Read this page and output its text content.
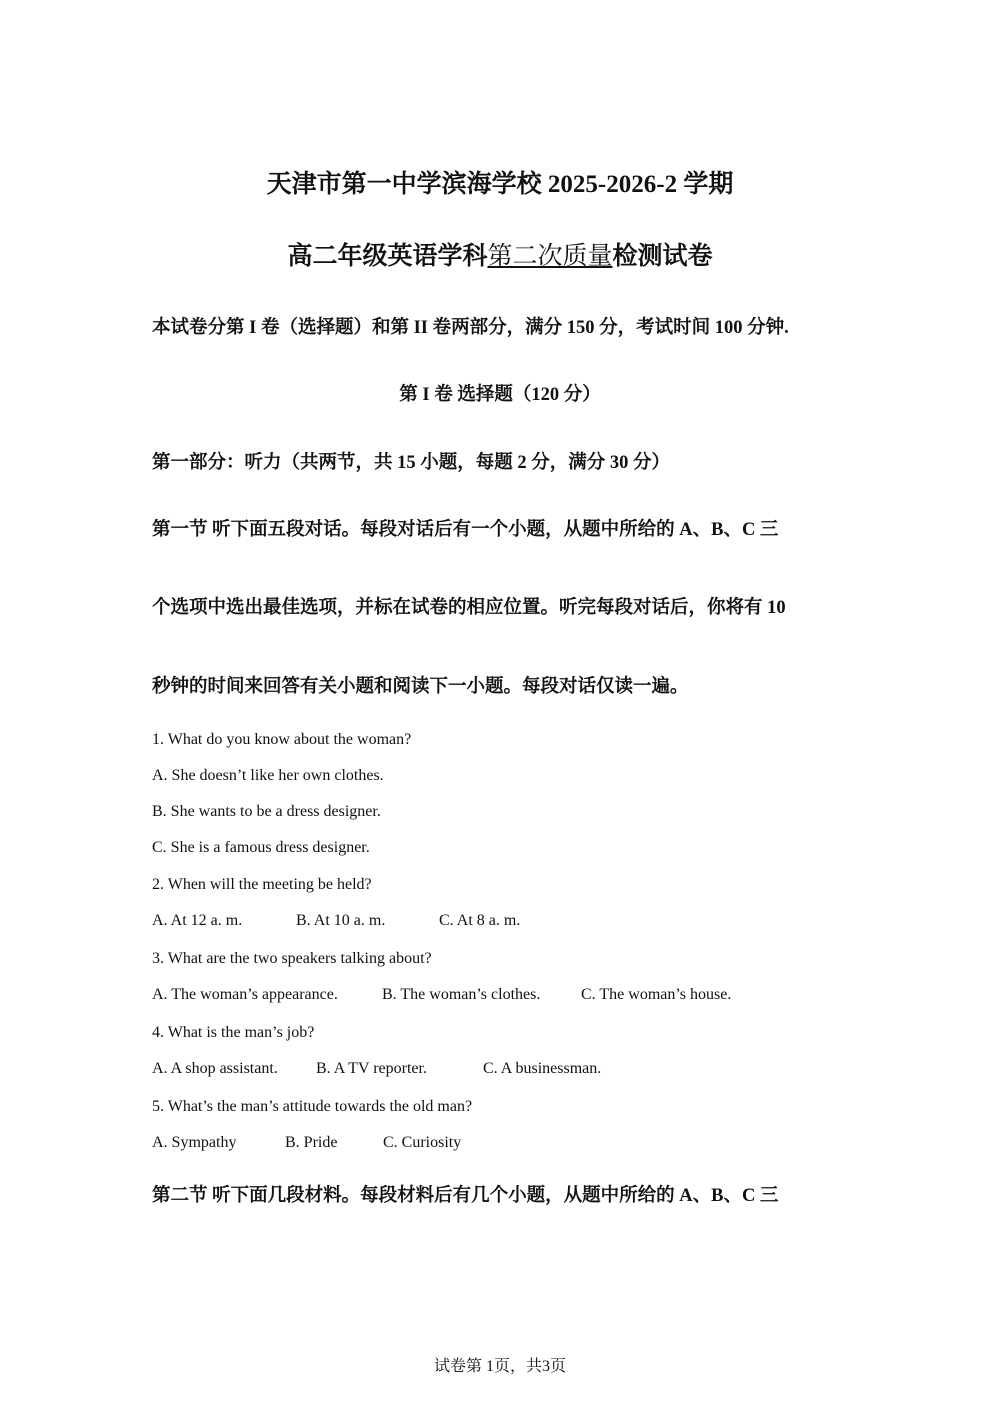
天津市第一中学滨海学校 2025-2026-2 学期
高二年级英语学科第二次质量检测试卷
本试卷分第 I 卷（选择题）和第 II 卷两部分，满分 150 分，考试时间 100 分钟.
第 I 卷 选择题（120 分）
第一部分：听力（共两节，共 15 小题，每题 2 分，满分 30 分）
第一节 听下面五段对话。每段对话后有一个小题，从题中所给的 A、B、C 三
个选项中选出最佳选项，并标在试卷的相应位置。听完每段对话后，你将有 10
秒钟的时间来回答有关小题和阅读下一小题。每段对话仅读一遍。
1. What do you know about the woman?
A. She doesn’t like her own clothes.
B. She wants to be a dress designer.
C. She is a famous dress designer.
2. When will the meeting be held?
A. At 12 a. m.	B. At 10 a. m.	C. At 8 a. m.
3. What are the two speakers talking about?
A. The woman’s appearance.	B. The woman’s clothes.	C. The woman’s house.
4. What is the man’s job?
A. A shop assistant. B. A TV reporter.	C. A businessman.
5. What’s the man’s attitude towards the old man?
A. Sympathy	B. Pride	C. Curiosity
第二节 听下面几段材料。每段材料后有几个小题，从题中所给的 A、B、C 三
试卷第 1页，共3页
